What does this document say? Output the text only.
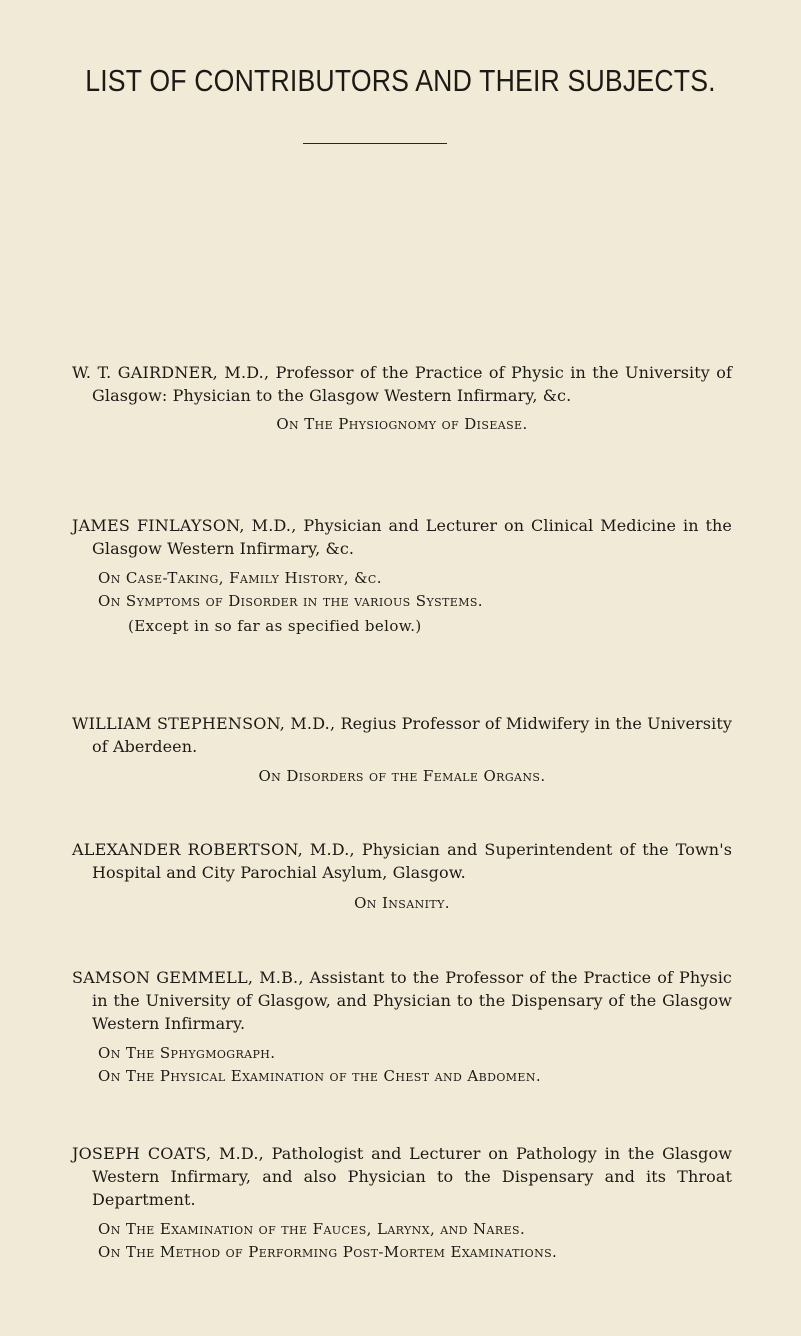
LIST OF CONTRIBUTORS AND THEIR SUBJECTS.

W. T. GAIRDNER, M.D., Professor of the Practice of Physic in the University of Glasgow: Physician to the Glasgow Western Infirmary, &c.

On The Physiognomy of Disease.

JAMES FINLAYSON, M.D., Physician and Lecturer on Clinical Medicine in the Glasgow Western Infirmary, &c.

On Case-Taking, Family History, &c.

On Symptoms of Disorder in the various Systems.

(Except in so far as specified below.)

WILLIAM STEPHENSON, M.D., Regius Professor of Midwifery in the University of Aberdeen.

On Disorders of the Female Organs.

ALEXANDER ROBERTSON, M.D., Physician and Superintendent of the Town's Hospital and City Parochial Asylum, Glasgow.

On Insanity.

SAMSON GEMMELL, M.B., Assistant to the Professor of the Practice of Physic in the University of Glasgow, and Physician to the Dispensary of the Glasgow Western Infirmary.

On The Sphygmograph.

On The Physical Examination of the Chest and Abdomen.

JOSEPH COATS, M.D., Pathologist and Lecturer on Pathology in the Glasgow Western Infirmary, and also Physician to the Dispensary and its Throat Department.

On The Examination of the Fauces, Larynx, and Nares.

On The Method of Performing Post-Mortem Examinations.
